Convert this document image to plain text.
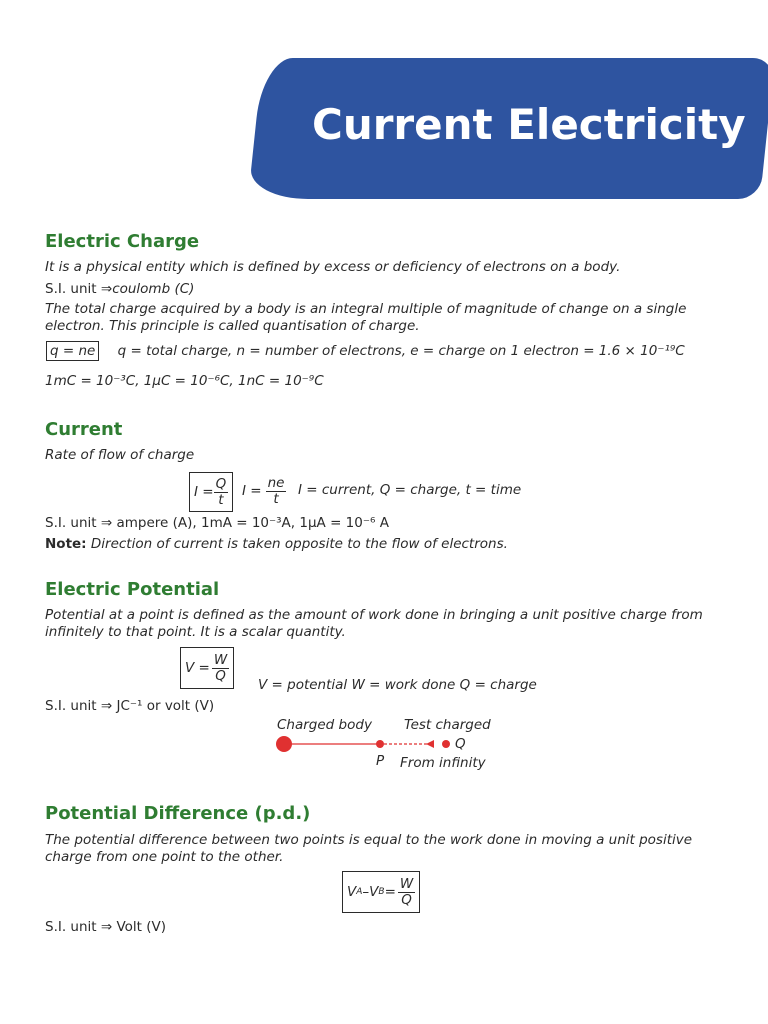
Current Electricity
Electric Charge
It is a physical entity which is defined by excess or deficiency of electrons on a body.
S.I. unit ⇒coulomb (C)
The total charge acquired by a body is an integral multiple of magnitude of change on a single
electron. This principle is called quantisation of charge.
q = ne q = total charge, n = number of electrons, e = charge on 1 electron = 1.6 × 10⁻¹⁹C
1mC = 10⁻³C, 1μC = 10⁻⁶C, 1nC = 10⁻⁹C
Current
Rate of flow of charge
$I = \frac{Q}{t}$ $I = \frac{ne}{t}$ I = current, Q = charge, t = time
S.I. unit ⇒ ampere (A), 1mA = 10⁻³A, 1μA = 10⁻⁶ A
Note: Direction of current is taken opposite to the flow of electrons.
Electric Potential
Potential at a point is defined as the amount of work done in bringing a unit positive charge from
infinitely to that point. It is a scalar quantity.
$V = \frac{W}{Q}$
V = potential W = work done Q = charge
S.I. unit ⇒ JC⁻¹ or volt (V)
Charged body Test charged
Q
P From infinity
Potential Difference (p.d.)
The potential difference between two points is equal to the work done in moving a unit positive
charge from one point to the other.
V A – V $B = \frac{W}{Q}$
S.I. unit ⇒ Volt (V)
